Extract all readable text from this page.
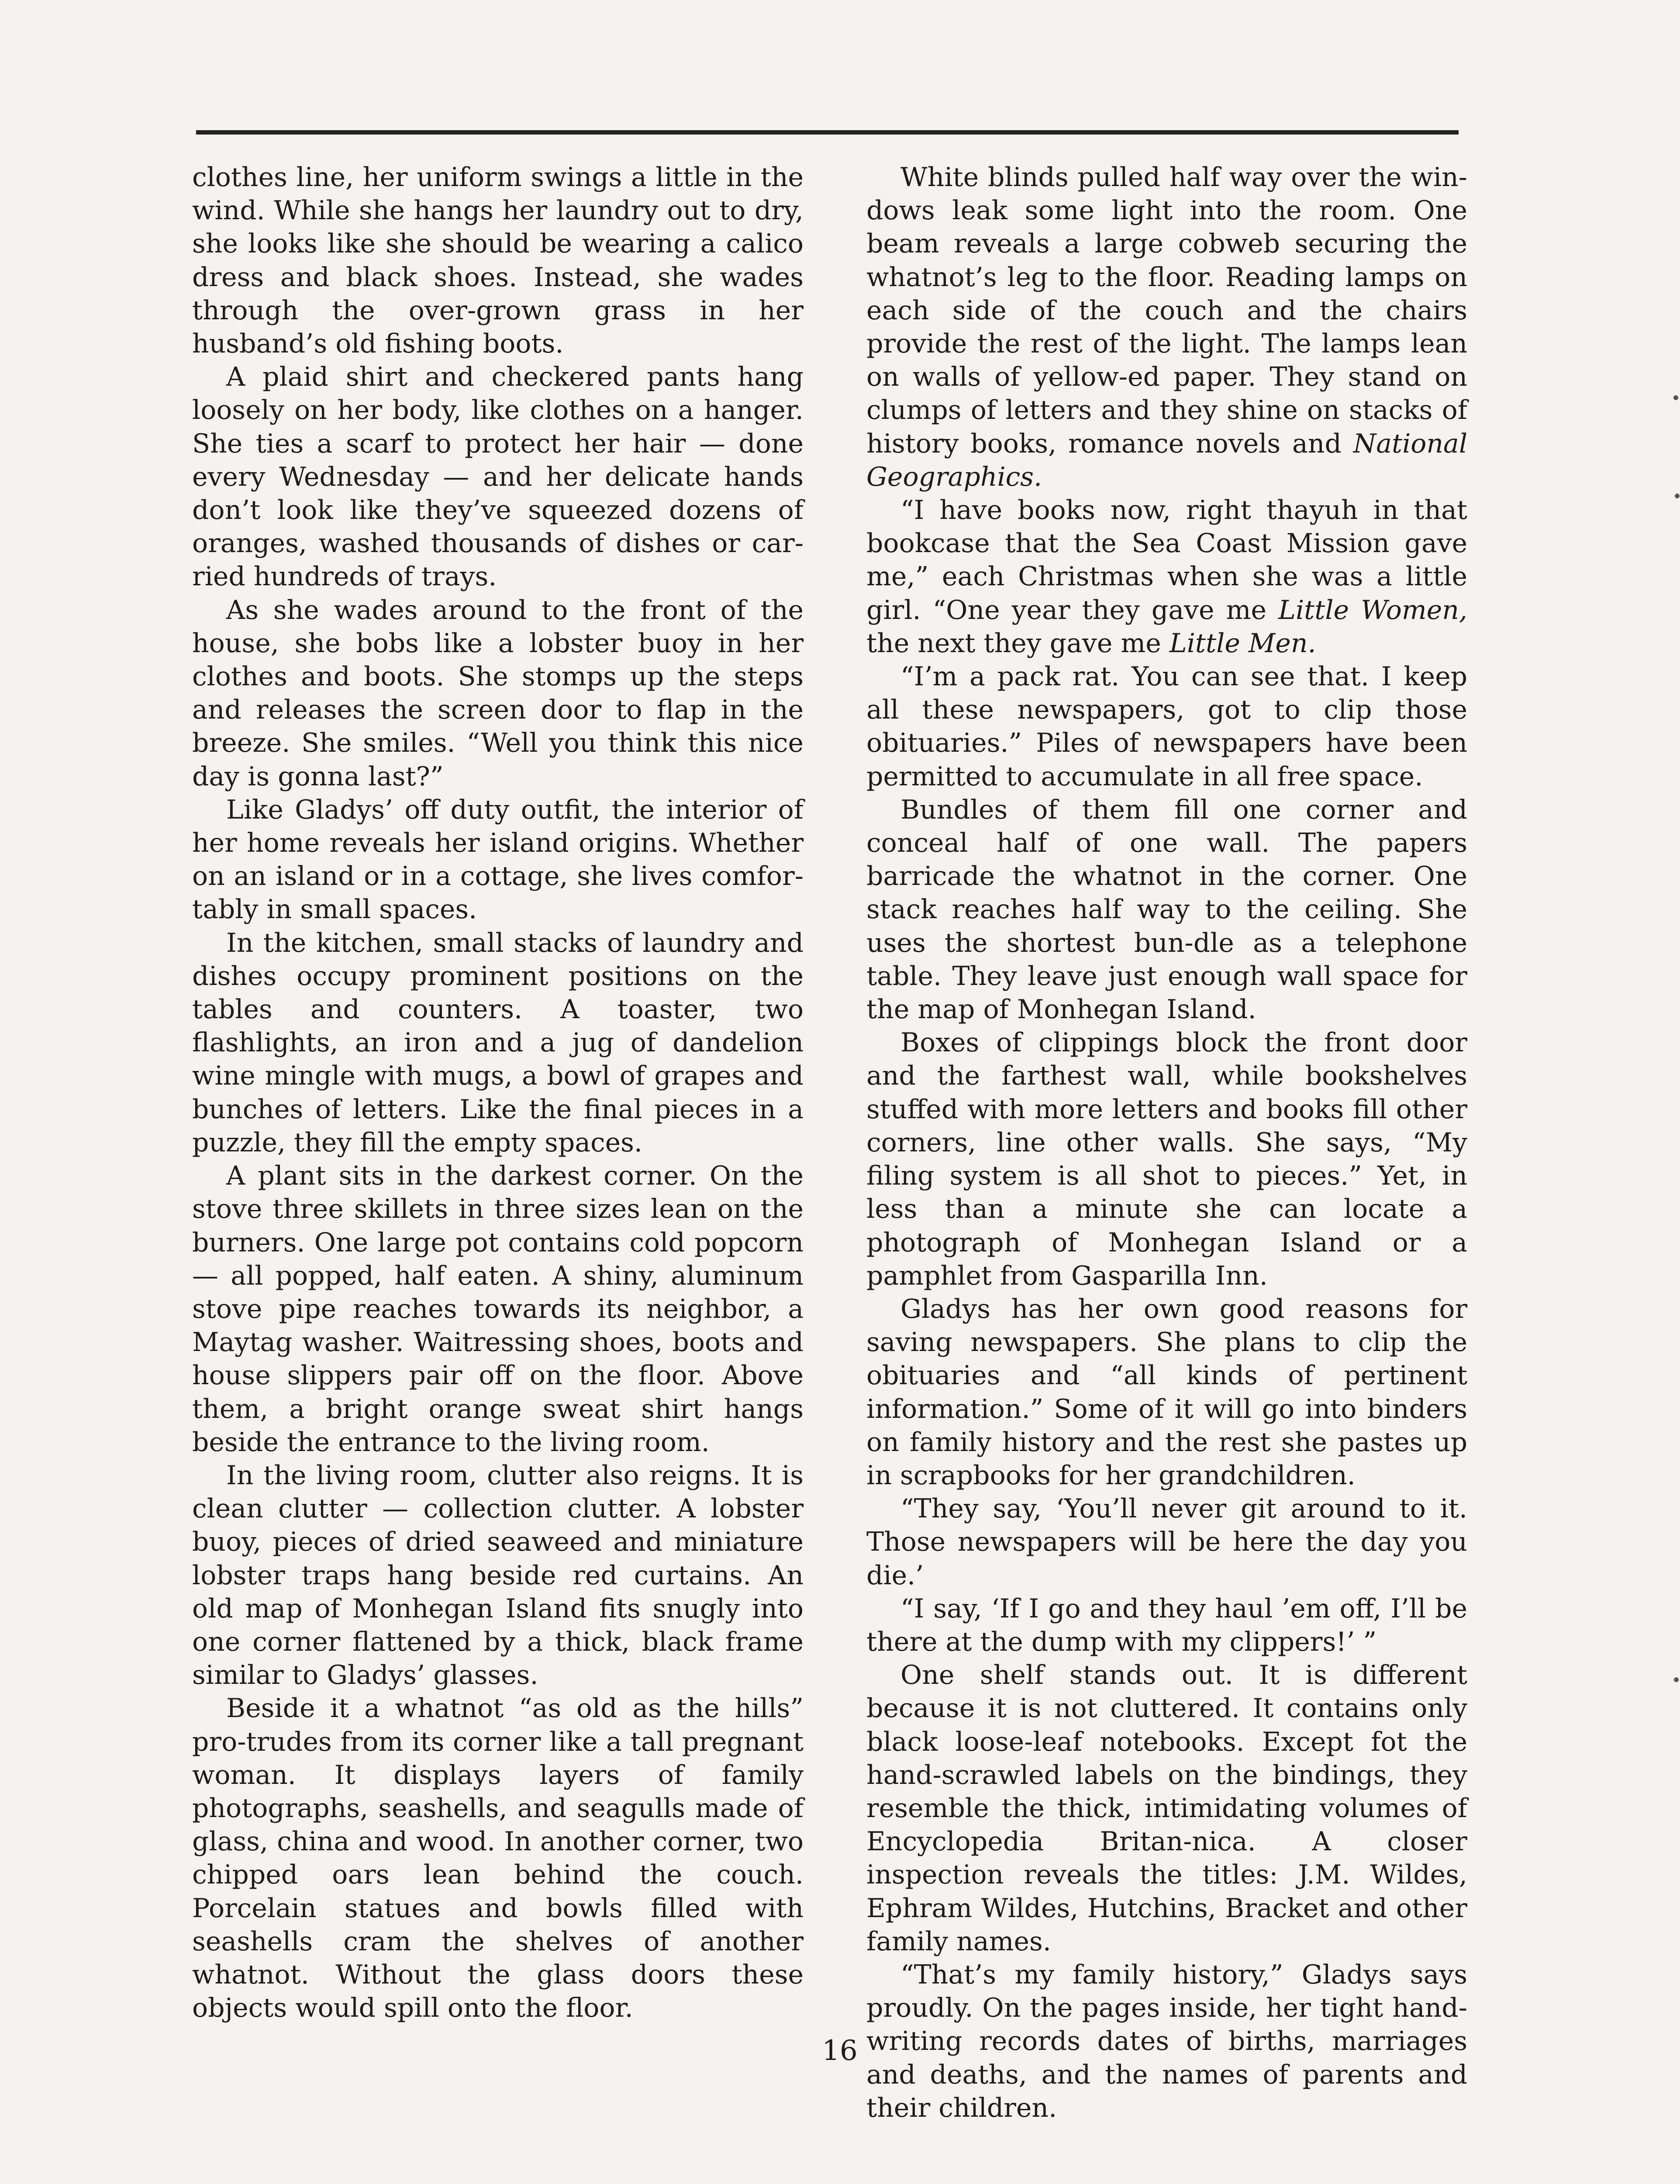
clothes line, her uniform swings a little in the wind. While she hangs her laundry out to dry, she looks like she should be wearing a calico dress and black shoes. Instead, she wades through the over-grown grass in her husband’s old fishing boots.

A plaid shirt and checkered pants hang loosely on her body, like clothes on a hanger. She ties a scarf to protect her hair — done every Wednesday — and her delicate hands don’t look like they’ve squeezed dozens of oranges, washed thousands of dishes or car-ried hundreds of trays.

As she wades around to the front of the house, she bobs like a lobster buoy in her clothes and boots. She stomps up the steps and releases the screen door to flap in the breeze. She smiles. “Well you think this nice day is gonna last?”

Like Gladys’ off duty outfit, the interior of her home reveals her island origins. Whether on an island or in a cottage, she lives comfor-tably in small spaces.

In the kitchen, small stacks of laundry and dishes occupy prominent positions on the tables and counters. A toaster, two flashlights, an iron and a jug of dandelion wine mingle with mugs, a bowl of grapes and bunches of letters. Like the final pieces in a puzzle, they fill the empty spaces.

A plant sits in the darkest corner. On the stove three skillets in three sizes lean on the burners. One large pot contains cold popcorn — all popped, half eaten. A shiny, aluminum stove pipe reaches towards its neighbor, a Maytag washer. Waitressing shoes, boots and house slippers pair off on the floor. Above them, a bright orange sweat shirt hangs beside the entrance to the living room.

In the living room, clutter also reigns. It is clean clutter — collection clutter. A lobster buoy, pieces of dried seaweed and miniature lobster traps hang beside red curtains. An old map of Monhegan Island fits snugly into one corner flattened by a thick, black frame similar to Gladys’ glasses.

Beside it a whatnot “as old as the hills” pro-trudes from its corner like a tall pregnant woman. It displays layers of family photographs, seashells, and seagulls made of glass, china and wood. In another corner, two chipped oars lean behind the couch. Porcelain statues and bowls filled with seashells cram the shelves of another whatnot. Without the glass doors these objects would spill onto the floor.

White blinds pulled half way over the win-dows leak some light into the room. One beam reveals a large cobweb securing the whatnot’s leg to the floor. Reading lamps on each side of the couch and the chairs provide the rest of the light. The lamps lean on walls of yellow-ed paper. They stand on clumps of letters and they shine on stacks of history books, romance novels and National Geographics.

“I have books now, right thayuh in that bookcase that the Sea Coast Mission gave me,” each Christmas when she was a little girl. “One year they gave me Little Women, the next they gave me Little Men.

“I’m a pack rat. You can see that. I keep all these newspapers, got to clip those obituaries.” Piles of newspapers have been permitted to accumulate in all free space.

Bundles of them fill one corner and conceal half of one wall. The papers barricade the whatnot in the corner. One stack reaches half way to the ceiling. She uses the shortest bun-dle as a telephone table. They leave just enough wall space for the map of Monhegan Island.

Boxes of clippings block the front door and the farthest wall, while bookshelves stuffed with more letters and books fill other corners, line other walls. She says, “My filing system is all shot to pieces.” Yet, in less than a minute she can locate a photograph of Monhegan Island or a pamphlet from Gasparilla Inn.

Gladys has her own good reasons for saving newspapers. She plans to clip the obituaries and “all kinds of pertinent information.” Some of it will go into binders on family history and the rest she pastes up in scrapbooks for her grandchildren.

“They say, ‘You’ll never git around to it. Those newspapers will be here the day you die.’

“I say, ‘If I go and they haul ’em off, I’ll be there at the dump with my clippers!’ ”

One shelf stands out. It is different because it is not cluttered. It contains only black loose-leaf notebooks. Except fot the hand-scrawled labels on the bindings, they resemble the thick, intimidating volumes of Encyclopedia Britan-nica. A closer inspection reveals the titles: J.M. Wildes, Ephram Wildes, Hutchins, Bracket and other family names.

“That’s my family history,” Gladys says proudly. On the pages inside, her tight hand-writing records dates of births, marriages and deaths, and the names of parents and their children.

16
